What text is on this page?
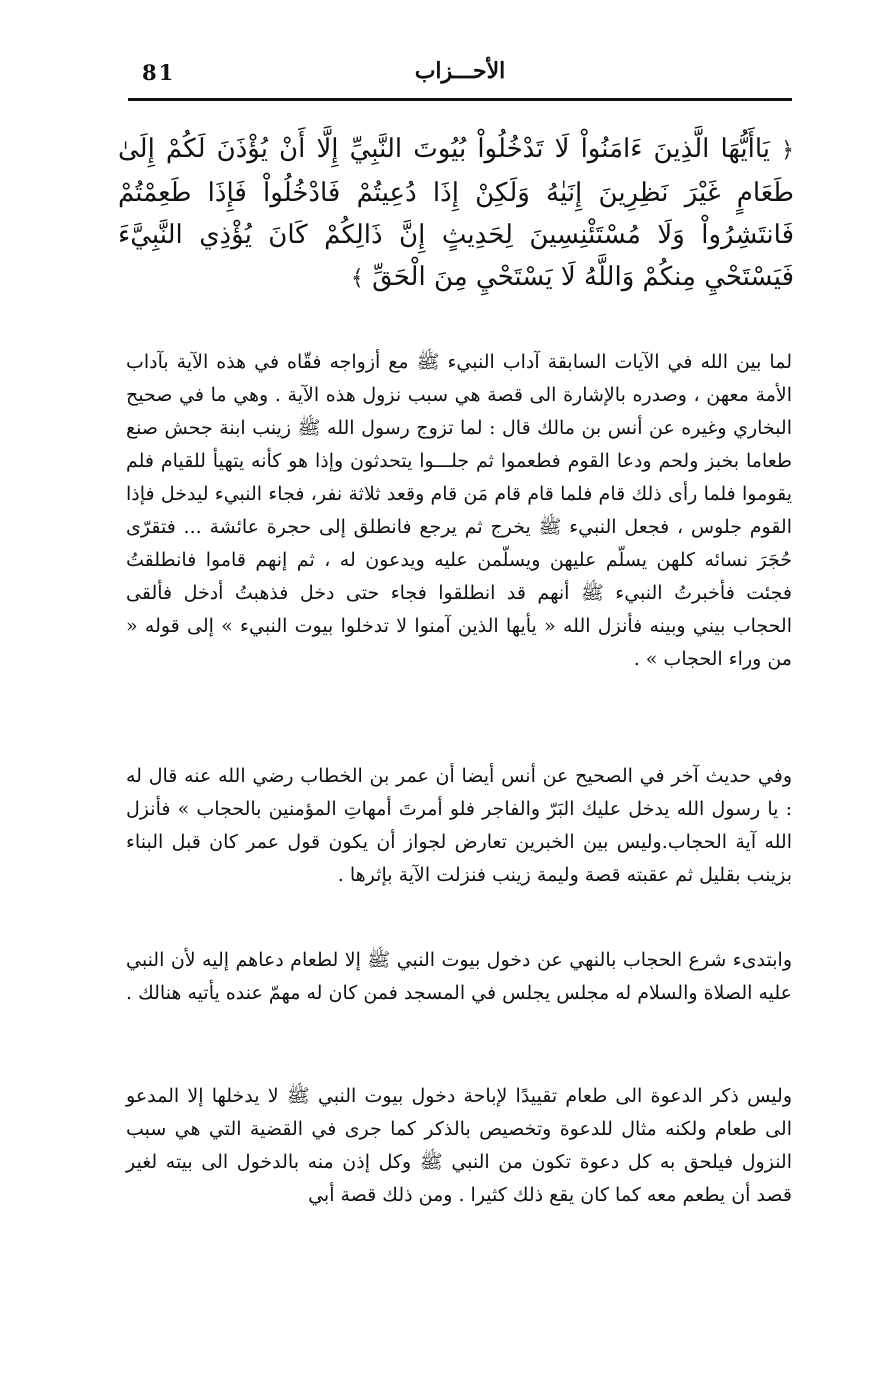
81	الأحـــزاب
﴿ يَاأَيُّهَا الَّذِينَ ءَامَنُواْ لَا تَدْخُلُواْ بُيُوتَ النَّبِيِّ إِلَّا أَنْ يُؤْذَنَ لَكُمْ إِلَىٰ طَعَامٍ غَيْرَ نَظِرِينَ إِنَيٰهُ وَلَكِنْ إِذَا دُعِيتُمْ فَادْخُلُواْ فَإِذَا طَعِمْتُمْ فَانتَشِرُواْ وَلَا مُسْتَئْنِسِينَ لِحَدِيثٍ إِنَّ ذَالِكُمْ كَانَ يُؤْذِي النَّبِيَّءَ فَيَسْتَحْيِ مِنكُمْ وَاللَّهُ لَا يَسْتَحْيِ مِنَ الْحَقِّ ﴾
لما بين الله في الآيات السابقة آداب النبيء ﷺ مع أزواجه فقّاه في هذه الآية بآداب الأمة معهن ، وصدره بالإشارة الى قصة هي سبب نزول هذه الآية . وهي ما في صحيح البخاري وغيره عن أنس بن مالك قال : لما تزوج رسول الله ﷺ زينب ابنة جحش صنع طعاما بخبز ولحم ودعا القوم فطعموا ثم جلـــوا يتحدثون وإذا هو كأنه يتهيأ للقيام فلم يقوموا فلما رأى ذلك قام فلما قام قام مَن قام وقعد ثلاثة نفر، فجاء النبيء ليدخل فإذا القوم جلوس ، فجعل النبيء ﷺ يخرج ثم يرجع فانطلق إلى حجرة عائشة ... فتقرّى حُجَرَ نسائه كلهن يسلّم عليهن ويسلّمن عليه ويدعون له ، ثم إنهم قاموا فانطلقتُ فجئت فأخبرتُ النبيء ﷺ أنهم قد انطلقوا فجاء حتى دخل فذهبتُ أدخل فألقى الحجاب بيني وبينه فأنزل الله « يأيها الذين آمنوا لا تدخلوا بيوت النبيء » إلى قوله « من وراء الحجاب » .
وفي حديث آخر في الصحيح عن أنس أيضا أن عمر بن الخطاب رضي الله عنه قال له : يا رسول الله يدخل عليك البَرّ والفاجر فلو أمرتَ أمهاتِ المؤمنين بالحجاب » فأنزل الله آية الحجاب.وليس بين الخبرين تعارض لجواز أن يكون قول عمر كان قبل البناء بزينب بقليل ثم عقبته قصة وليمة زينب فنزلت الآية بإثرها .
وابتدىء شرع الحجاب بالنهي عن دخول بيوت النبي ﷺ إلا لطعام دعاهم إليه لأن النبي عليه الصلاة والسلام له مجلس يجلس في المسجد فمن كان له مهمّ عنده يأتيه هنالك .
وليس ذكر الدعوة الى طعام تقييدًا لإباحة دخول بيوت النبي ﷺ لا يدخلها إلا المدعو الى طعام ولكنه مثال للدعوة وتخصيص بالذكر كما جرى في القضية التي هي سبب النزول فيلحق به كل دعوة تكون من النبي ﷺ وكل إذن منه بالدخول الى بيته لغير قصد أن يطعم معه كما كان يقع ذلك كثيرا . ومن ذلك قصة أبي
